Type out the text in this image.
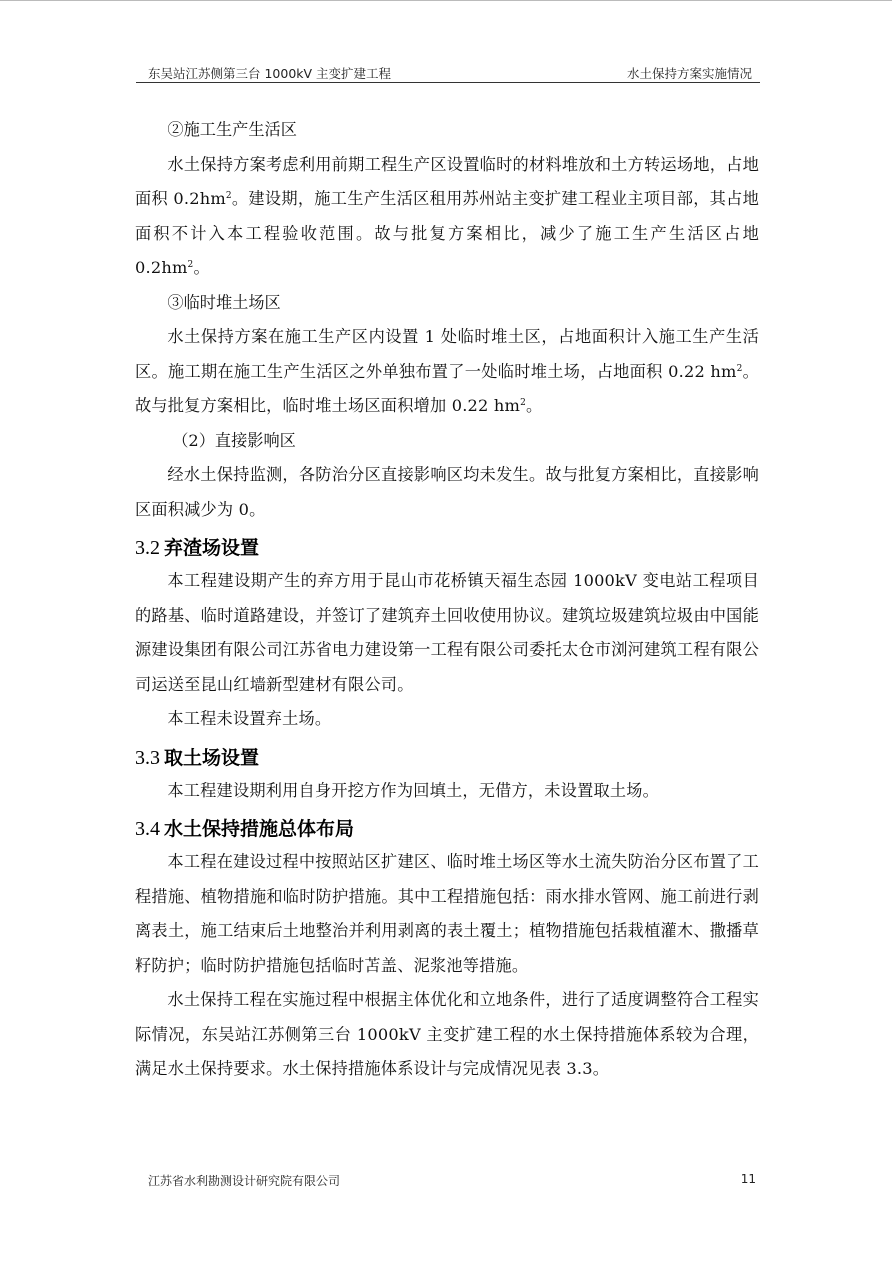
东吴站江苏侧第三台 1000kV 主变扩建工程	水土保持方案实施情况

②施工生产生活区

水土保持方案考虑利用前期工程生产区设置临时的材料堆放和土方转运场地，占地面积 $0.2hm^2$。建设期，施工生产生活区租用苏州站主变扩建工程业主项目部，其占地面积不计入本工程验收范围。故与批复方案相比，减少了施工生产生活区占地 $0.2hm^2$。

③临时堆土场区

水土保持方案在施工生产区内设置 1 处临时堆土区，占地面积计入施工生产生活区。施工期在施工生产生活区之外单独布置了一处临时堆土场，占地面积 0.22 $hm^2$。故与批复方案相比，临时堆土场区面积增加 0.22 $hm^2$。

（2）直接影响区

经水土保持监测，各防治分区直接影响区均未发生。故与批复方案相比，直接影响区面积减少为 0。

3.2 弃渣场设置

本工程建设期产生的弃方用于昆山市花桥镇天福生态园 1000kV 变电站工程项目的路基、临时道路建设，并签订了建筑弃土回收使用协议。建筑垃圾建筑垃圾由中国能源建设集团有限公司江苏省电力建设第一工程有限公司委托太仓市浏河建筑工程有限公司运送至昆山红墙新型建材有限公司。

本工程未设置弃土场。

3.3 取土场设置

本工程建设期利用自身开挖方作为回填土，无借方，未设置取土场。

3.4 水土保持措施总体布局

本工程在建设过程中按照站区扩建区、临时堆土场区等水土流失防治分区布置了工程措施、植物措施和临时防护措施。其中工程措施包括：雨水排水管网、施工前进行剥离表土，施工结束后土地整治并利用剥离的表土覆土；植物措施包括栽植灌木、撒播草籽防护；临时防护措施包括临时苫盖、泥浆池等措施。

水土保持工程在实施过程中根据主体优化和立地条件，进行了适度调整符合工程实际情况，东吴站江苏侧第三台 1000kV 主变扩建工程的水土保持措施体系较为合理，满足水土保持要求。水土保持措施体系设计与完成情况见表 3.3。

江苏省水利勘测设计研究院有限公司	11
